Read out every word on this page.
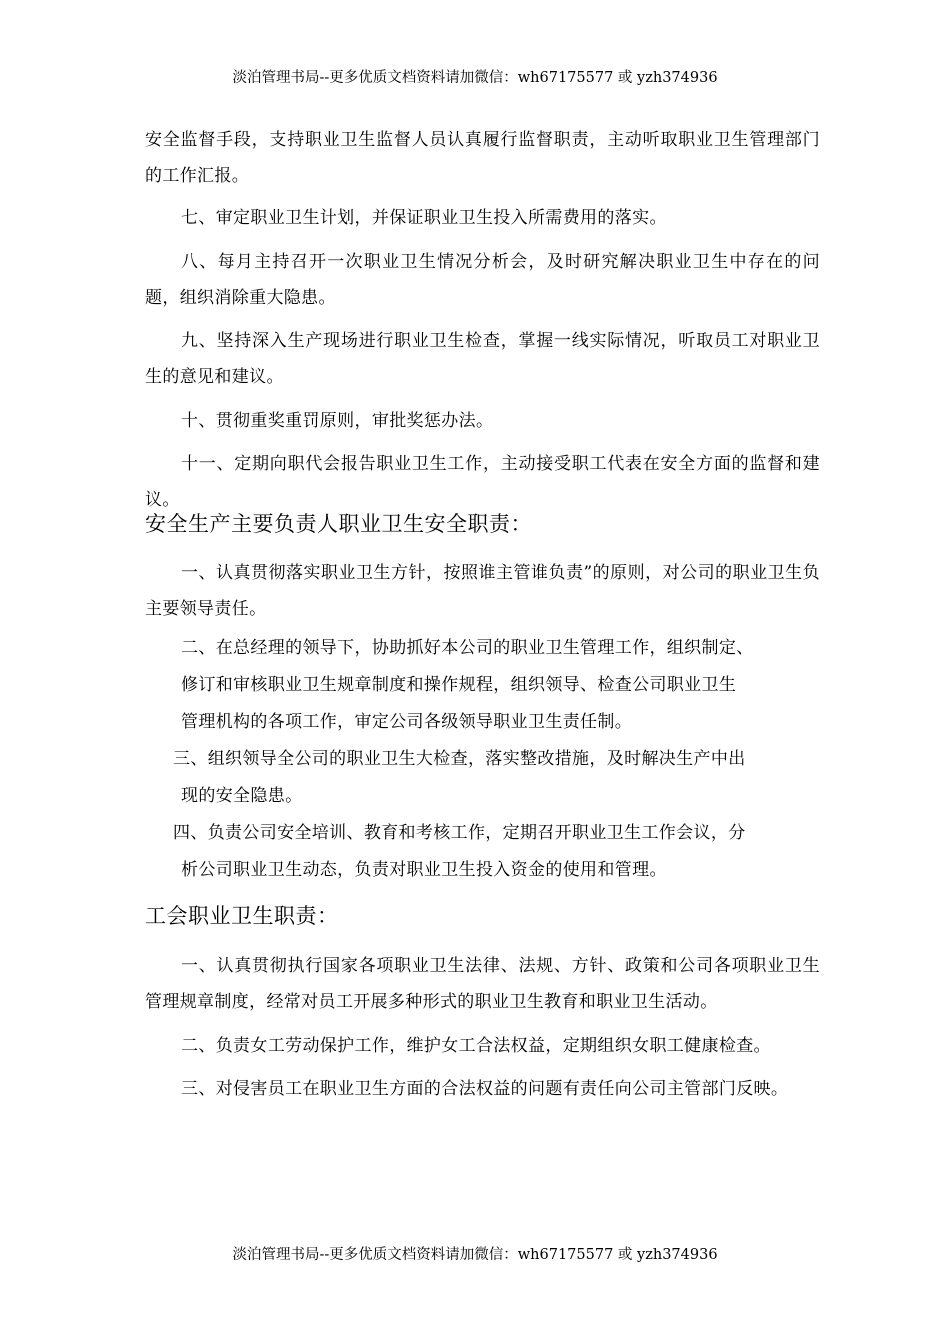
淡泊管理书局--更多优质文档资料请加微信：wh67175577 或 yzh374936

安全监督手段，支持职业卫生监督人员认真履行监督职责，主动听取职业卫生管理部门的工作汇报。

七、审定职业卫生计划，并保证职业卫生投入所需费用的落实。

八、每月主持召开一次职业卫生情况分析会，及时研究解决职业卫生中存在的问题，组织消除重大隐患。

九、坚持深入生产现场进行职业卫生检查，掌握一线实际情况，听取员工对职业卫生的意见和建议。

十、贯彻重奖重罚原则，审批奖惩办法。

十一、定期向职代会报告职业卫生工作，主动接受职工代表在安全方面的监督和建议。

安全生产主要负责人职业卫生安全职责：

一、认真贯彻落实职业卫生方针，按照谁主管谁负责”的原则，对公司的职业卫生负主要领导责任。

二、在总经理的领导下，协助抓好本公司的职业卫生管理工作，组织制定、

修订和审核职业卫生规章制度和操作规程，组织领导、检查公司职业卫生

管理机构的各项工作，审定公司各级领导职业卫生责任制。

三、组织领导全公司的职业卫生大检查，落实整改措施，及时解决生产中出

现的安全隐患。

四、负责公司安全培训、教育和考核工作，定期召开职业卫生工作会议，分

析公司职业卫生动态，负责对职业卫生投入资金的使用和管理。

工会职业卫生职责：

一、认真贯彻执行国家各项职业卫生法律、法规、方针、政策和公司各项职业卫生管理规章制度，经常对员工开展多种形式的职业卫生教育和职业卫生活动。

二、负责女工劳动保护工作，维护女工合法权益，定期组织女职工健康检查。

三、对侵害员工在职业卫生方面的合法权益的问题有责任向公司主管部门反映。

淡泊管理书局--更多优质文档资料请加微信：wh67175577 或 yzh374936
